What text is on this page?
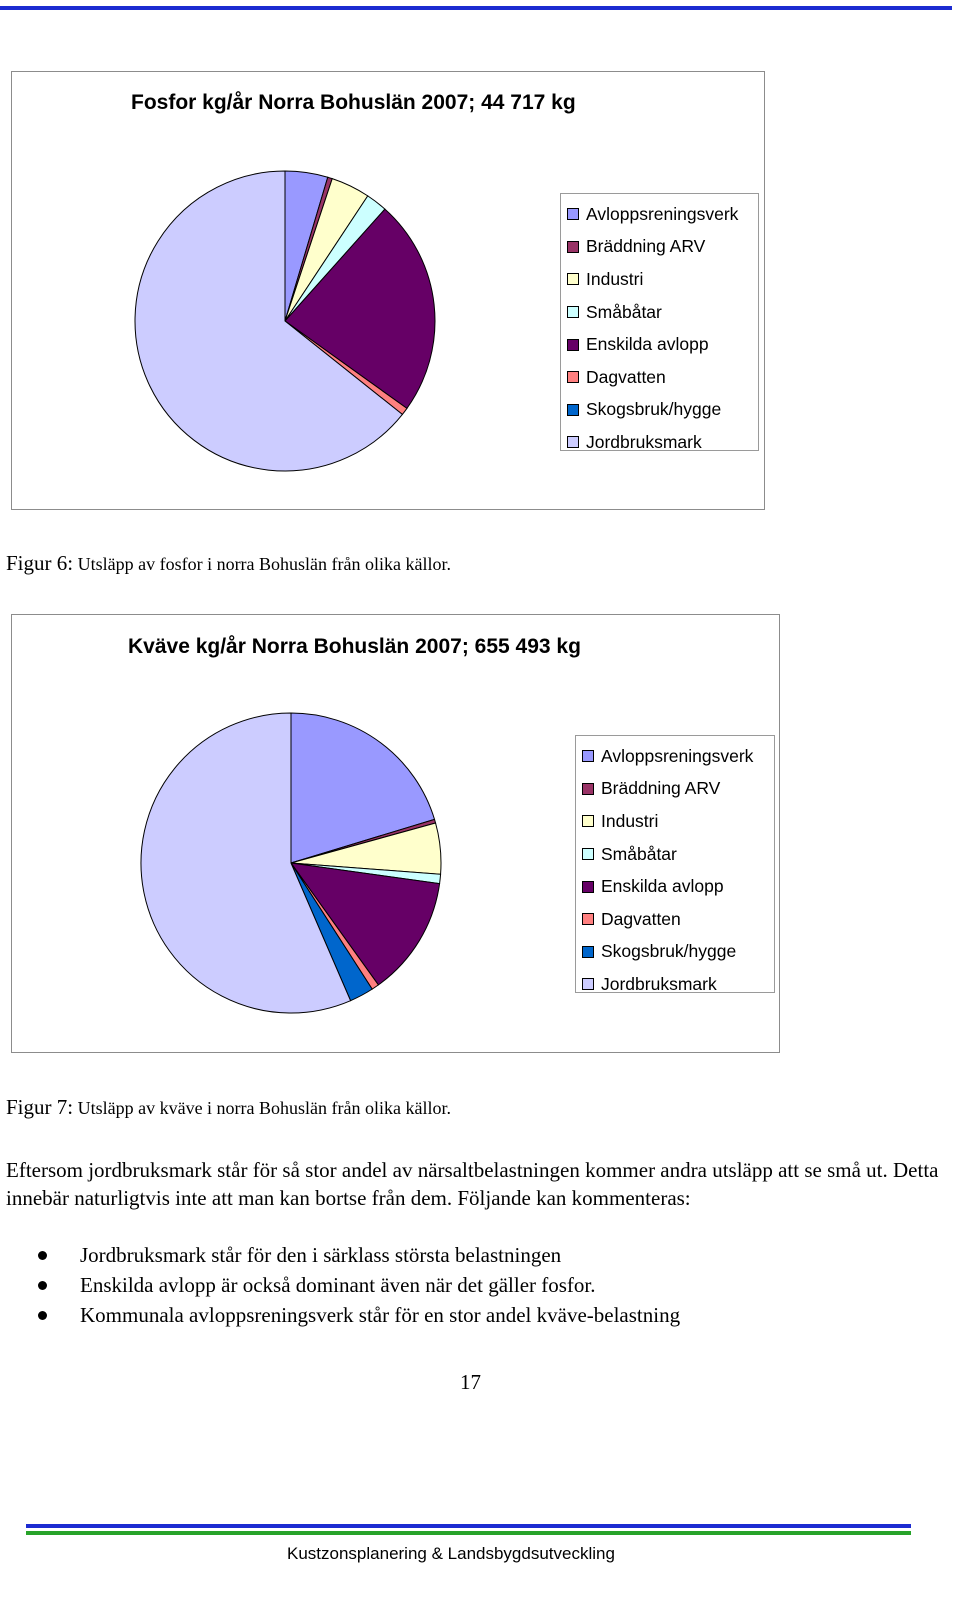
Fosfor kg/år Norra Bohuslän 2007; 44 717 kg
Avloppsreningsverk
Bräddning ARV
Industri
Småbåtar
Enskilda avlopp
Dagvatten
Skogsbruk/hygge
Jordbruksmark
Figur 6: Utsläpp av fosfor i norra Bohuslän från olika källor.
Kväve kg/år Norra Bohuslän 2007; 655 493 kg
Avloppsreningsverk
Bräddning ARV
Industri
Småbåtar
Enskilda avlopp
Dagvatten
Skogsbruk/hygge
Jordbruksmark
Figur 7: Utsläpp av kväve i norra Bohuslän från olika källor.
Eftersom jordbruksmark står för så stor andel av närsaltbelastningen kommer andra utsläpp att se små ut. Detta innebär naturligtvis inte att man kan bortse från dem. Följande kan kommenteras:
Jordbruksmark står för den i särklass största belastningen
Enskilda avlopp är också dominant även när det gäller fosfor.
Kommunala avloppsreningsverk står för en stor andel kväve-belastning
17
Kustzonsplanering & Landsbygdsutveckling
